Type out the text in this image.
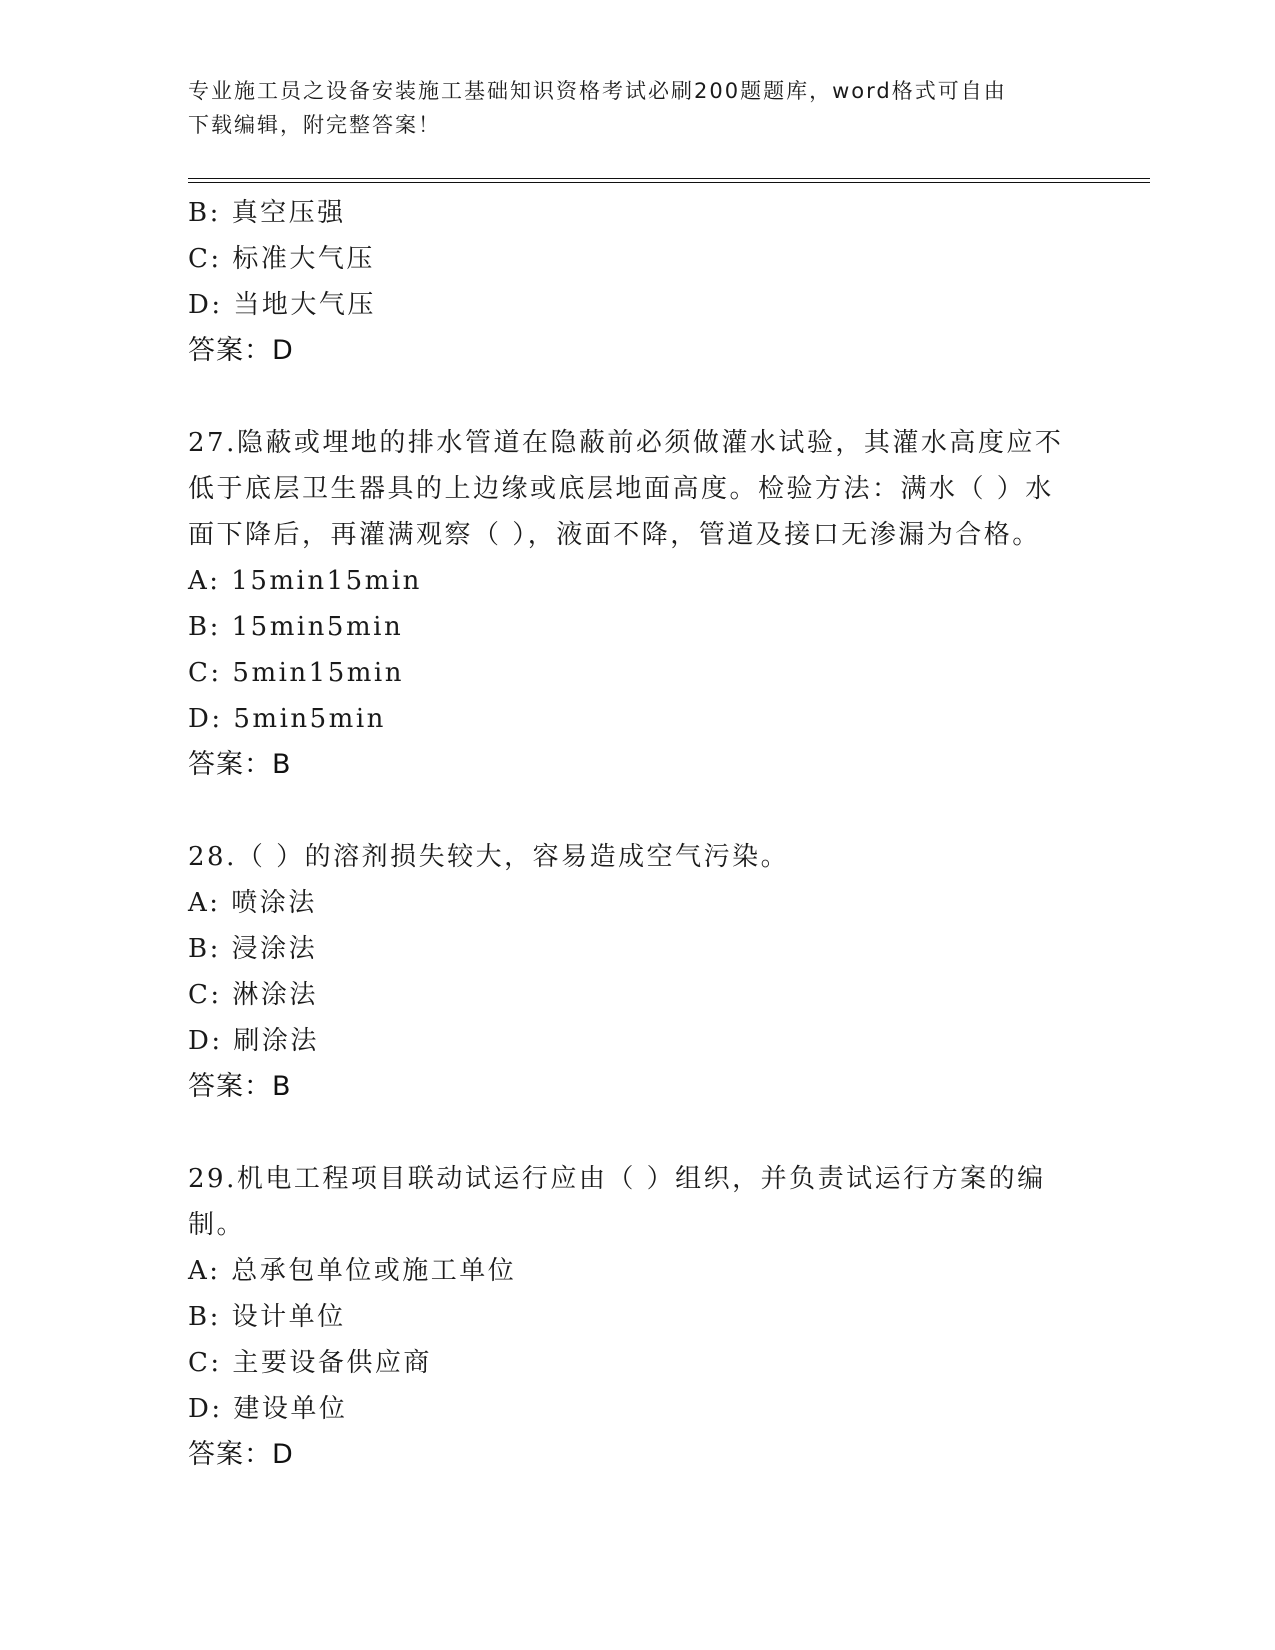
专业施工员之设备安装施工基础知识资格考试必刷200题题库，word格式可自由
下载编辑，附完整答案！
B: 真空压强
C: 标准大气压
D: 当地大气压
答案：D
27.隐蔽或埋地的排水管道在隐蔽前必须做灌水试验，其灌水高度应不
低于底层卫生器具的上边缘或底层地面高度。检验方法：满水（ ）水
面下降后，再灌满观察（ ），液面不降，管道及接口无渗漏为合格。
A: 15min15min
B: 15min5min
C: 5min15min
D: 5min5min
答案：B
28.（ ）的溶剂损失较大，容易造成空气污染。
A: 喷涂法
B: 浸涂法
C: 淋涂法
D: 刷涂法
答案：B
29.机电工程项目联动试运行应由（ ）组织，并负责试运行方案的编
制。
A: 总承包单位或施工单位
B: 设计单位
C: 主要设备供应商
D: 建设单位
答案：D
